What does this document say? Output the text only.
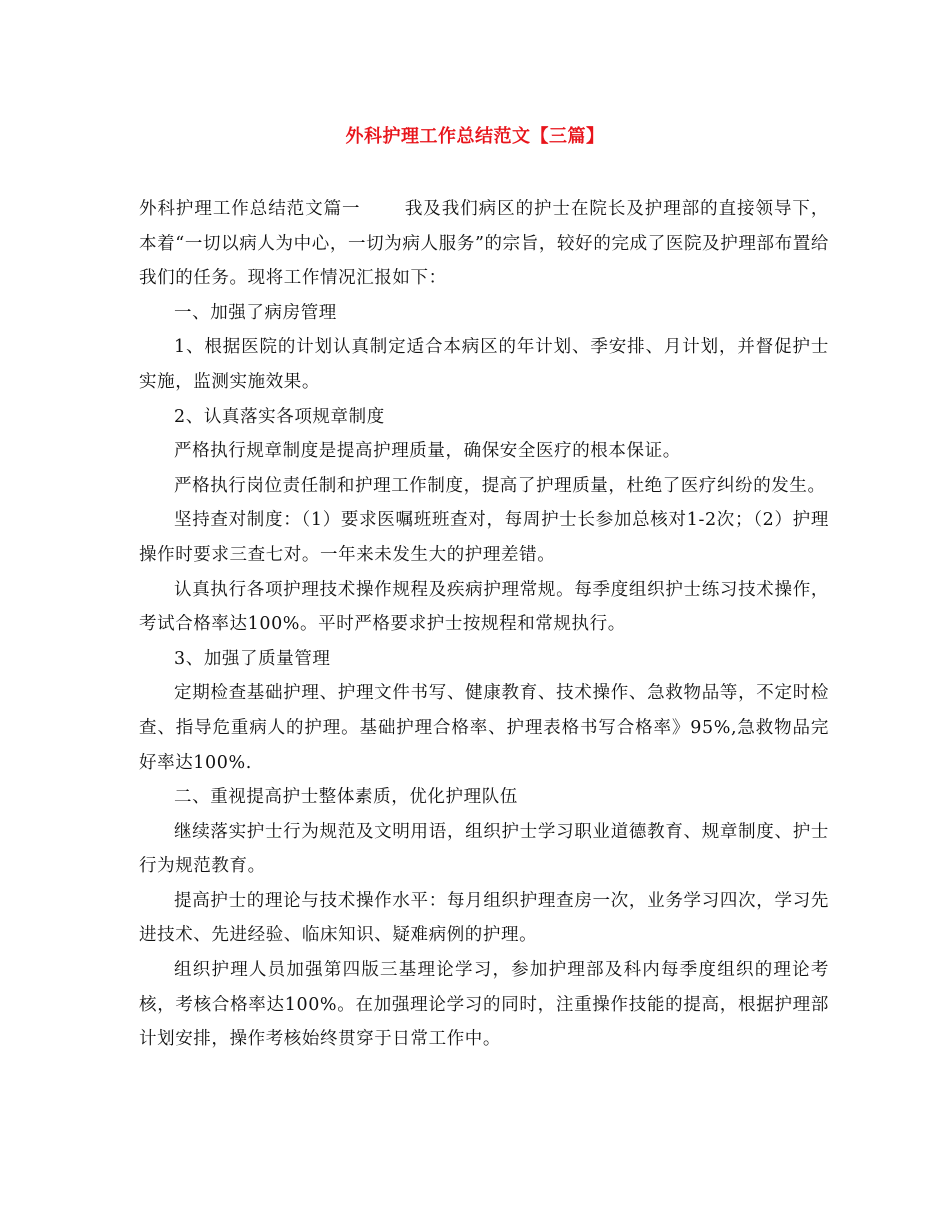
外科护理工作总结范文【三篇】

外科护理工作总结范文篇一	我及我们病区的护士在院长及护理部的直接领导下，本着“一切以病人为中心，一切为病人服务”的宗旨，较好的完成了医院及护理部布置给我们的任务。现将工作情况汇报如下：

一、加强了病房管理

1、根据医院的计划认真制定适合本病区的年计划、季安排、月计划，并督促护士实施，监测实施效果。

2、认真落实各项规章制度

严格执行规章制度是提高护理质量，确保安全医疗的根本保证。

严格执行岗位责任制和护理工作制度，提高了护理质量，杜绝了医疗纠纷的发生。

坚持查对制度：（1）要求医嘱班班查对，每周护士长参加总核对1-2次；（2）护理操作时要求三查七对。一年来未发生大的护理差错。

认真执行各项护理技术操作规程及疾病护理常规。每季度组织护士练习技术操作，考试合格率达100%。平时严格要求护士按规程和常规执行。

3、加强了质量管理

定期检查基础护理、护理文件书写、健康教育、技术操作、急救物品等，不定时检查、指导危重病人的护理。基础护理合格率、护理表格书写合格率》95%,急救物品完好率达100%.

二、重视提高护士整体素质，优化护理队伍

继续落实护士行为规范及文明用语，组织护士学习职业道德教育、规章制度、护士行为规范教育。

提高护士的理论与技术操作水平：每月组织护理查房一次，业务学习四次，学习先进技术、先进经验、临床知识、疑难病例的护理。

组织护理人员加强第四版三基理论学习，参加护理部及科内每季度组织的理论考核，考核合格率达100%。在加强理论学习的同时，注重操作技能的提高，根据护理部计划安排，操作考核始终贯穿于日常工作中。
